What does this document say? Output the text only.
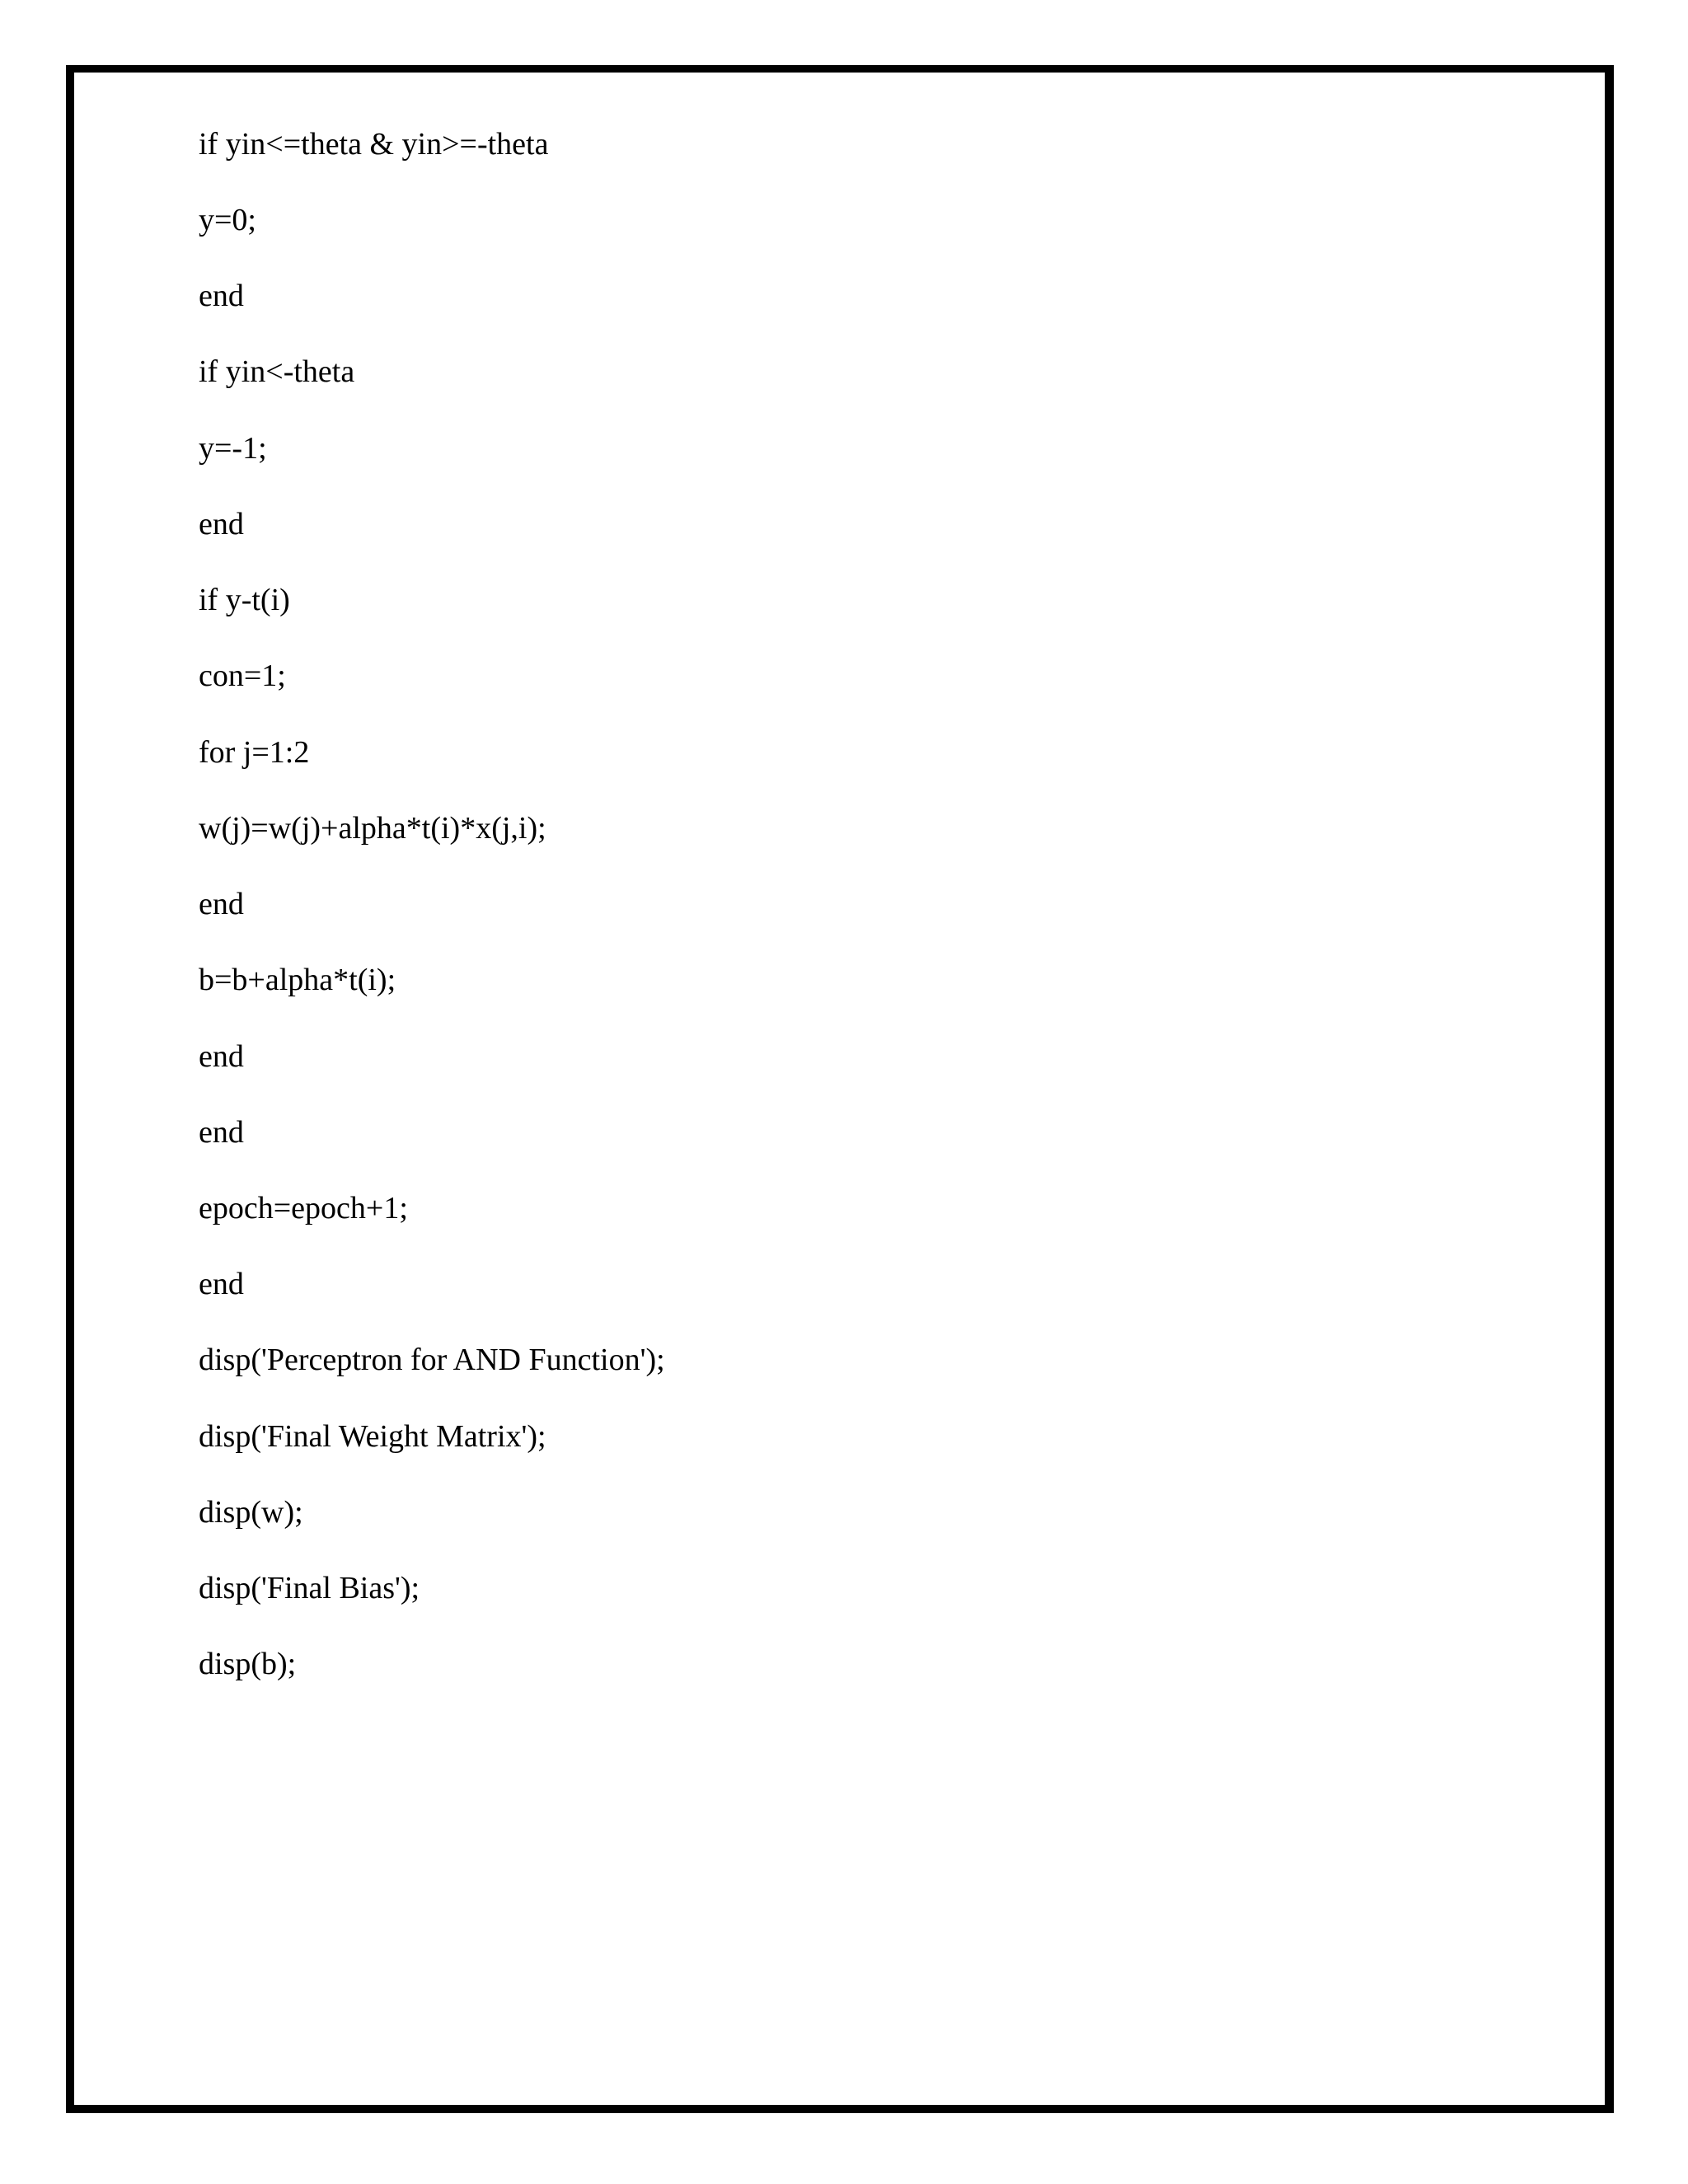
if yin<=theta & yin>=-theta
y=0;
end
if yin<-theta
y=-1;
end
if y-t(i)
con=1;
for j=1:2
w(j)=w(j)+alpha*t(i)*x(j,i);
end
b=b+alpha*t(i);
end
end
epoch=epoch+1;
end
disp('Perceptron for AND Function');
disp('Final Weight Matrix');
disp(w);
disp('Final Bias');
disp(b);
